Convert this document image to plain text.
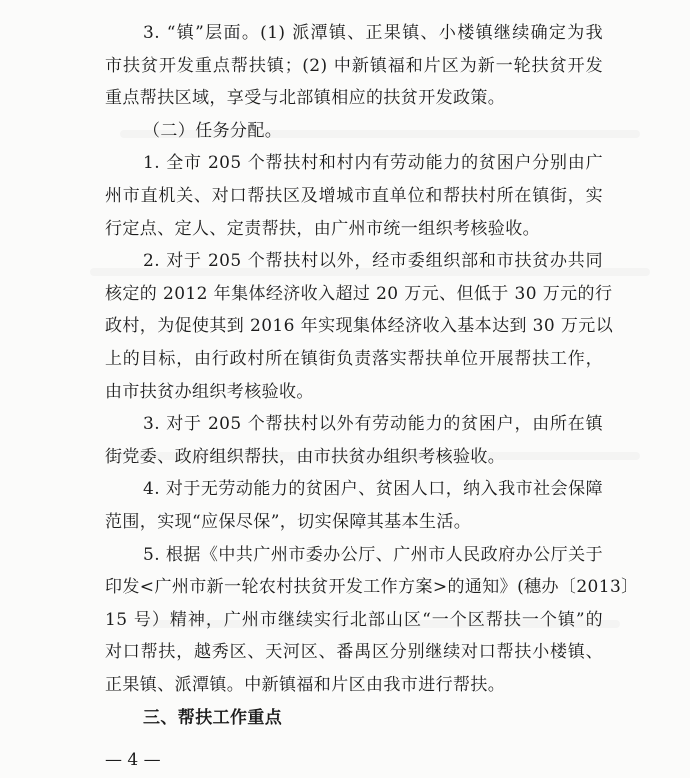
3. “镇”层面。(1) 派潭镇、正果镇、小楼镇继续确定为我
市扶贫开发重点帮扶镇；(2) 中新镇福和片区为新一轮扶贫开发
重点帮扶区域，享受与北部镇相应的扶贫开发政策。
（二）任务分配。
1. 全市 205 个帮扶村和村内有劳动能力的贫困户分别由广
州市直机关、对口帮扶区及增城市直单位和帮扶村所在镇街，实
行定点、定人、定责帮扶，由广州市统一组织考核验收。
2. 对于 205 个帮扶村以外，经市委组织部和市扶贫办共同
核定的 2012 年集体经济收入超过 20 万元、但低于 30 万元的行
政村，为促使其到 2016 年实现集体经济收入基本达到 30 万元以
上的目标，由行政村所在镇街负责落实帮扶单位开展帮扶工作，
由市扶贫办组织考核验收。
3. 对于 205 个帮扶村以外有劳动能力的贫困户，由所在镇
街党委、政府组织帮扶，由市扶贫办组织考核验收。
4. 对于无劳动能力的贫困户、贫困人口，纳入我市社会保障
范围，实现“应保尽保”，切实保障其基本生活。
5. 根据《中共广州市委办公厅、广州市人民政府办公厅关于
印发<广州市新一轮农村扶贫开发工作方案>的通知》(穗办〔2013〕
15 号）精神，广州市继续实行北部山区“一个区帮扶一个镇”的
对口帮扶，越秀区、天河区、番禺区分别继续对口帮扶小楼镇、
正果镇、派潭镇。中新镇福和片区由我市进行帮扶。
三、帮扶工作重点
— 4 —
